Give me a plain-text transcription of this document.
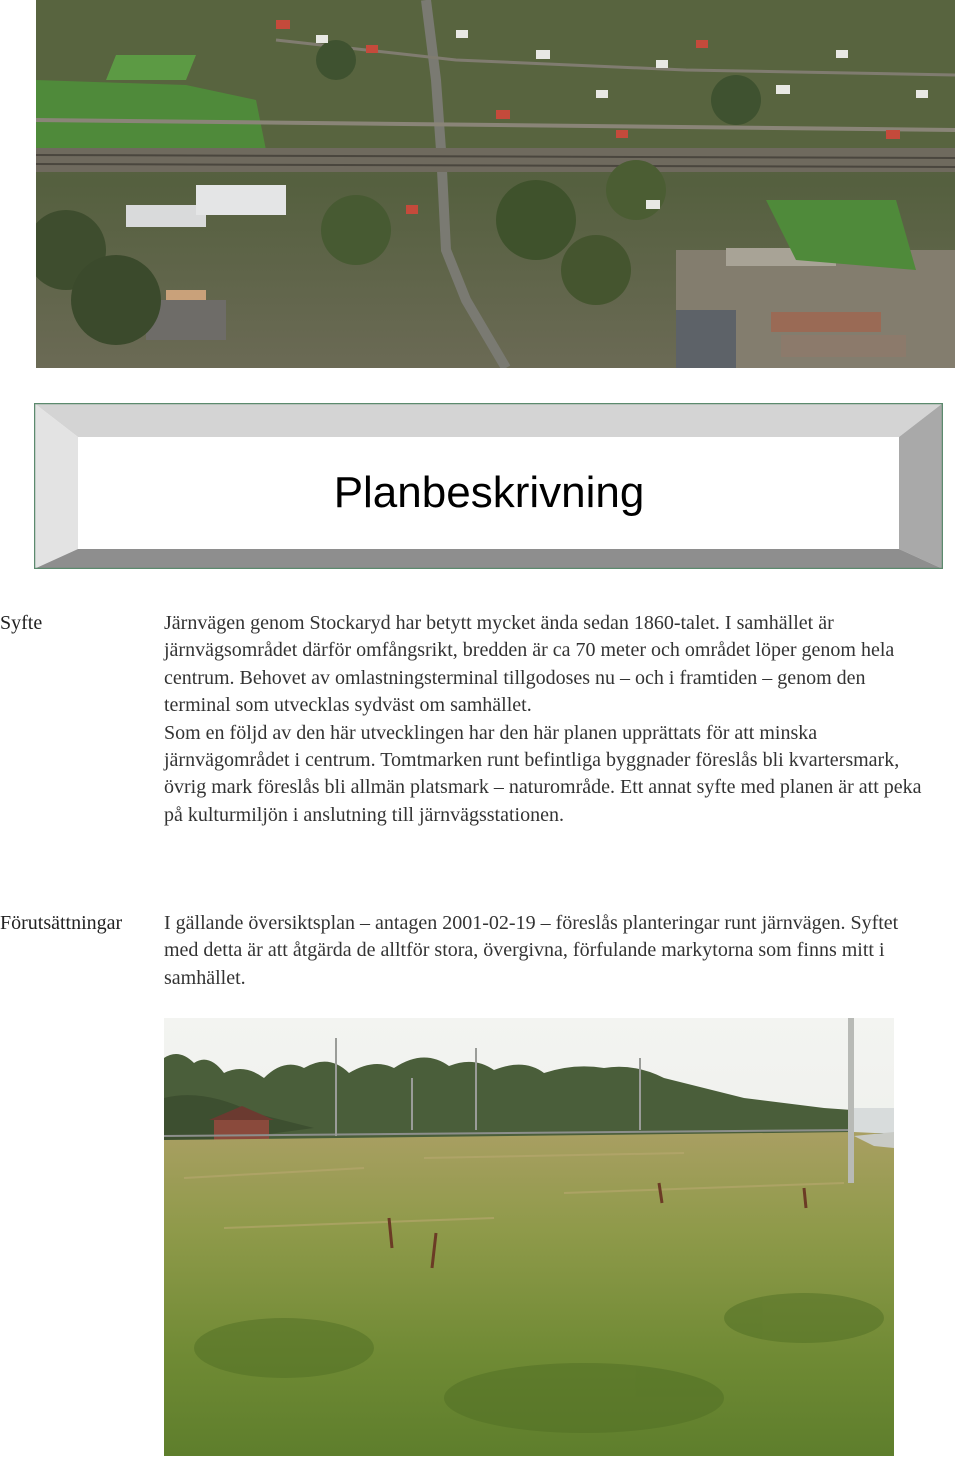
Planbeskrivning
Syfte	Järnvägen genom Stockaryd har betytt mycket ända sedan 1860-talet. I samhället är järnvägsområdet därför omfångsrikt, bredden är ca 70 meter och området löper genom hela centrum. Behovet av omlastningsterminal tillgodoses nu – och i framtiden – genom den terminal som utvecklas sydväst om samhället.

Som en följd av den här utvecklingen har den här planen upprättats för att minska järnvägområdet i centrum. Tomtmarken runt befintliga byggnader föreslås bli kvartersmark, övrig mark föreslås bli allmän platsmark – naturområde. Ett annat syfte med planen är att peka på kulturmiljön i anslutning till järnvägsstationen.

Förutsättningar I gällande översiktsplan – antagen 2001-02-19 – föreslås planteringar runt järnvägen. Syftet med detta är att åtgärda de alltför stora, övergivna, förfulande markytorna som finns mitt i samhället.
